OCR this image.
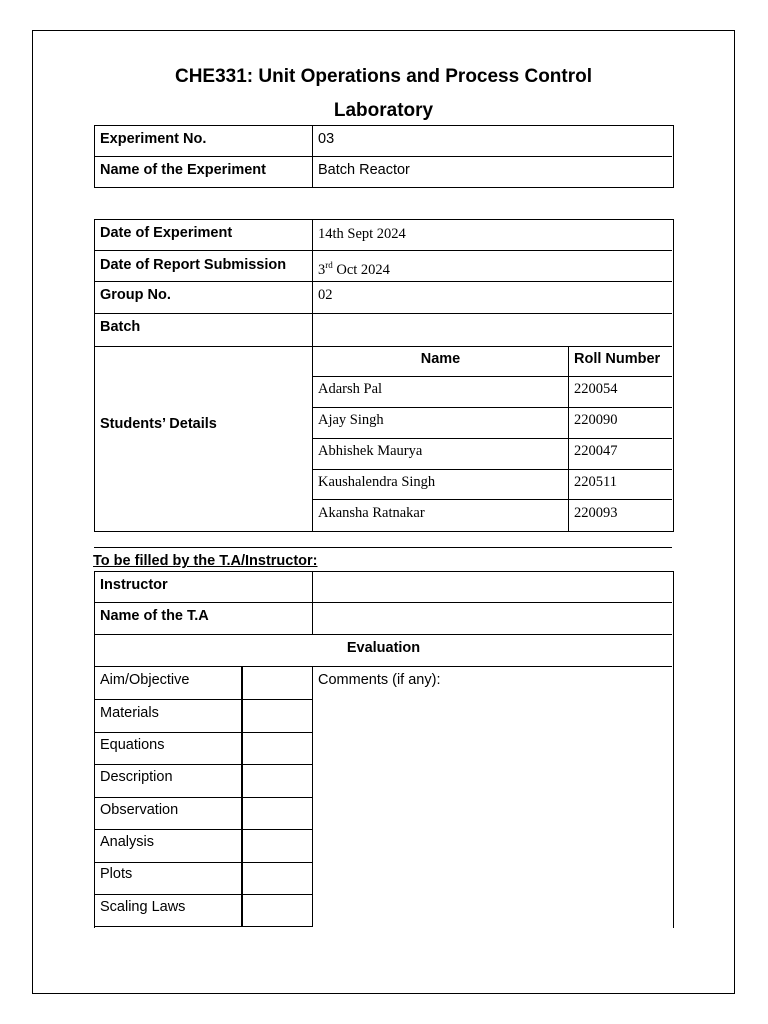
CHE331: Unit Operations and Process Control
Laboratory
Experiment No.	03
Name of the Experiment	Batch Reactor
Date of Experiment	14th Sept 2024
Date of Report Submission	3rd Oct 2024
Group No.	02
Batch
Students’ Details
Name	Roll Number
Adarsh Pal	220054
Ajay Singh	220090
Abhishek Maurya	220047
Kaushalendra Singh	220511
Akansha Ratnakar	220093
To be filled by the T.A/Instructor:
Instructor
Name of the T.A
Evaluation
Comments (if any):
Aim/Objective
Materials
Equations
Description
Observation
Analysis
Plots
Scaling Laws
